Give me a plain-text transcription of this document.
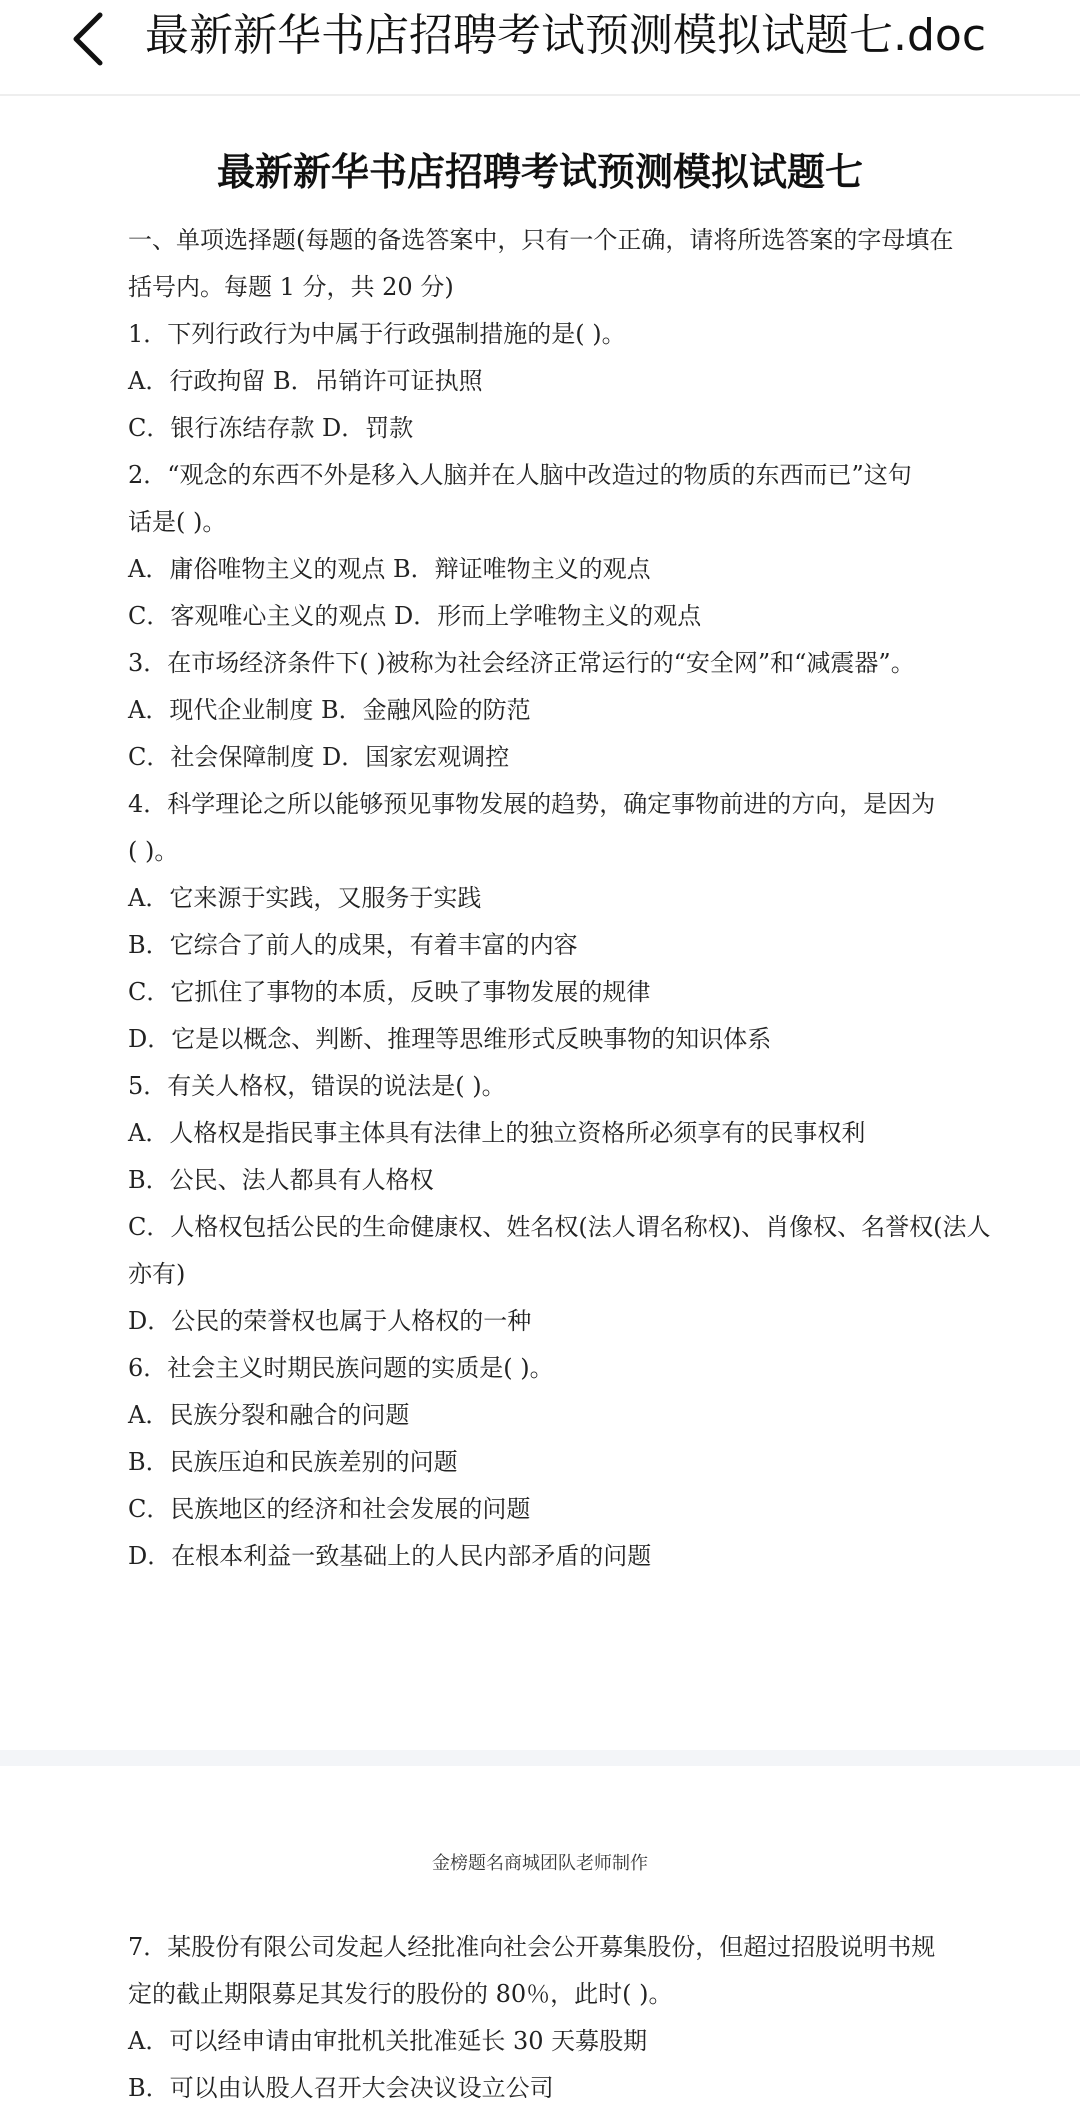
最新新华书店招聘考试预测模拟试题七.doc
最新新华书店招聘考试预测模拟试题七

一、单项选择题(每题的备选答案中，只有一个正确，请将所选答案的字母填在

括号内。每题 1 分，共 20 分)

1．下列行政行为中属于行政强制措施的是( )。

A．行政拘留 B．吊销许可证执照

C．银行冻结存款 D．罚款

2．“观念的东西不外是移入人脑并在人脑中改造过的物质的东西而已”这句

话是( )。

A．庸俗唯物主义的观点 B．辩证唯物主义的观点

C．客观唯心主义的观点 D．形而上学唯物主义的观点

3．在市场经济条件下( )被称为社会经济正常运行的“安全网”和“减震器”。

A．现代企业制度 B．金融风险的防范

C．社会保障制度 D．国家宏观调控

4．科学理论之所以能够预见事物发展的趋势，确定事物前进的方向，是因为

( )。

A．它来源于实践，又服务于实践

B．它综合了前人的成果，有着丰富的内容

C．它抓住了事物的本质，反映了事物发展的规律

D．它是以概念、判断、推理等思维形式反映事物的知识体系

5．有关人格权，错误的说法是( )。

A．人格权是指民事主体具有法律上的独立资格所必须享有的民事权利

B．公民、法人都具有人格权

C．人格权包括公民的生命健康权、姓名权(法人谓名称权)、肖像权、名誉权(法人

亦有)

D．公民的荣誉权也属于人格权的一种

6．社会主义时期民族问题的实质是( )。

A．民族分裂和融合的问题

B．民族压迫和民族差别的问题

C．民族地区的经济和社会发展的问题

D．在根本利益一致基础上的人民内部矛盾的问题

金榜题名商城团队老师制作

7．某股份有限公司发起人经批准向社会公开募集股份，但超过招股说明书规

定的截止期限募足其发行的股份的 80％，此时( )。

A．可以经申请由审批机关批准延长 30 天募股期

B．可以由认股人召开大会决议设立公司
